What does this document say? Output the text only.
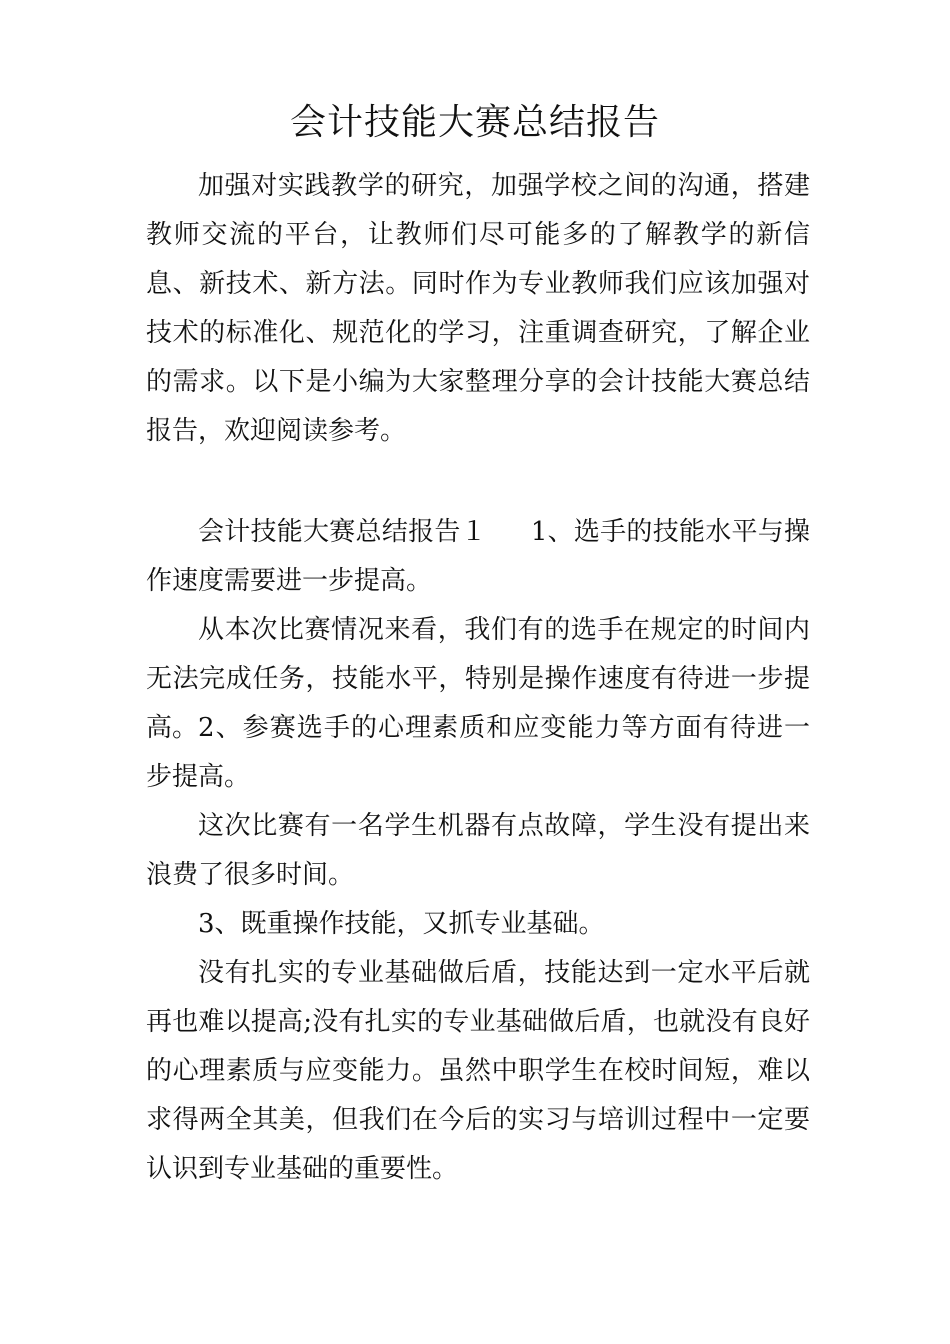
会计技能大赛总结报告

加强对实践教学的研究，加强学校之间的沟通，搭建教师交流的平台，让教师们尽可能多的了解教学的新信息、新技术、新方法。同时作为专业教师我们应该加强对技术的标准化、规范化的学习，注重调查研究，了解企业的需求。以下是小编为大家整理分享的会计技能大赛总结报告，欢迎阅读参考。

会计技能大赛总结报告１ 1、选手的技能水平与操作速度需要进一步提高。

从本次比赛情况来看，我们有的选手在规定的时间内无法完成任务，技能水平，特别是操作速度有待进一步提高。 2、参赛选手的心理素质和应变能力等方面有待进一步提高。

这次比赛有一名学生机器有点故障，学生没有提出来浪费了很多时间。

3、既重操作技能，又抓专业基础。

没有扎实的专业基础做后盾，技能达到一定水平后就再也难以提高;没有扎实的专业基础做后盾，也就没有良好的心理素质与应变能力。虽然中职学生在校时间短，难以求得两全其美，但我们在今后的实习与培训过程中一定要认识到专业基础的重要性。
